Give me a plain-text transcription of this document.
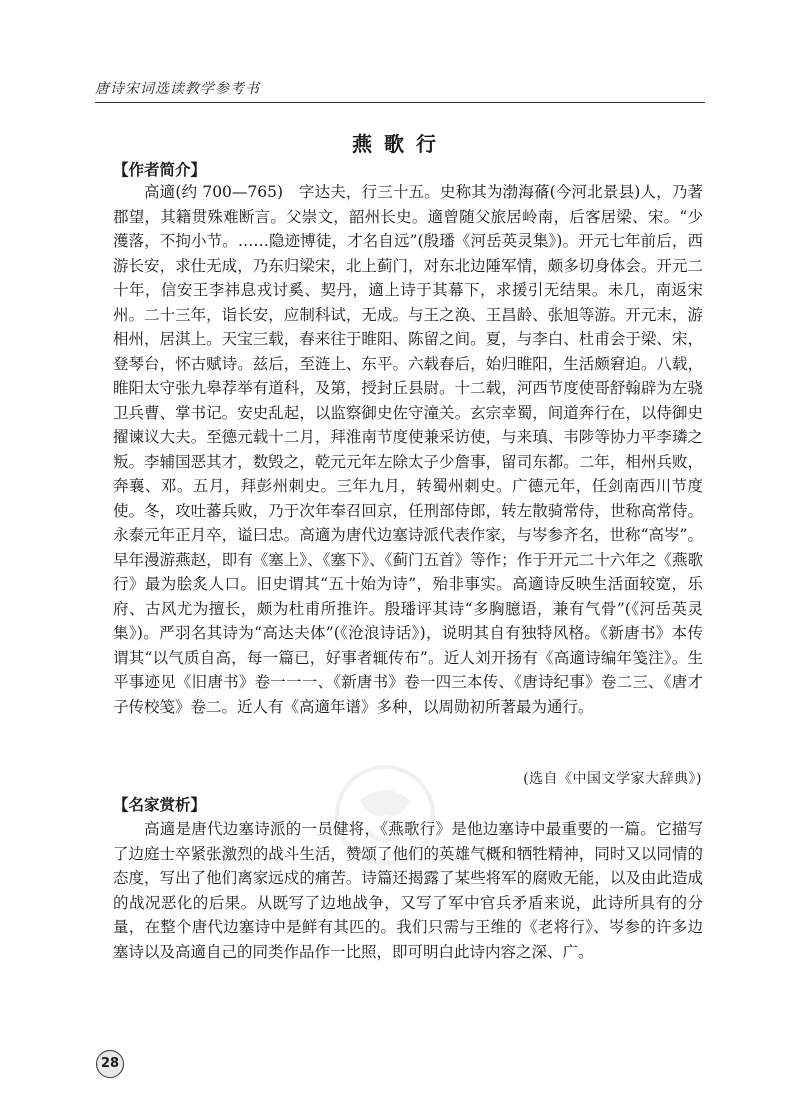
唐诗宋词选读教学参考书
燕歌行
【作者简介】

高適(约 700—765)　字达夫，行三十五。史称其为渤海蓨(今河北景县)人，乃著郡望，其籍贯殊难断言。父崇文，韶州长史。適曾随父旅居岭南，后客居梁、宋。“少濩落，不拘小节。……隐迹博徒，才名自远”(殷璠《河岳英灵集》)。开元七年前后，西游长安，求仕无成，乃东归梁宋，北上蓟门，对东北边陲军情，颇多切身体会。开元二十年，信安王李祎息戎讨奚、契丹，適上诗于其幕下，求援引无结果。未几，南返宋州。二十三年，诣长安，应制科试，无成。与王之涣、王昌龄、张旭等游。开元末，游相州，居淇上。天宝三载，春来往于睢阳、陈留之间。夏，与李白、杜甫会于梁、宋，登琴台，怀古赋诗。兹后，至涟上、东平。六载春后，始归睢阳，生活颇窘迫。八载，睢阳太守张九皋荐举有道科，及第，授封丘县尉。十二载，河西节度使哥舒翰辟为左骁卫兵曹、掌书记。安史乱起，以监察御史佐守潼关。玄宗幸蜀，间道奔行在，以侍御史擢谏议大夫。至德元载十二月，拜淮南节度使兼采访使，与来瑱、韦陟等协力平李璘之叛。李辅国恶其才，数毁之，乾元元年左除太子少詹事，留司东都。二年，相州兵败，奔襄、邓。五月，拜彭州刺史。三年九月，转蜀州刺史。广德元年，任剑南西川节度使。冬，攻吐蕃兵败，乃于次年奉召回京，任刑部侍郎，转左散骑常侍，世称高常侍。永泰元年正月卒，谥曰忠。高適为唐代边塞诗派代表作家，与岑参齐名，世称“高岑”。早年漫游燕赵，即有《塞上》、《塞下》、《蓟门五首》等作；作于开元二十六年之《燕歌行》最为脍炙人口。旧史谓其“五十始为诗”，殆非事实。高適诗反映生活面较宽，乐府、古风尤为擅长，颇为杜甫所推许。殷璠评其诗“多胸臆语，兼有气骨”(《河岳英灵集》)。严羽名其诗为“高达夫体”(《沧浪诗话》)，说明其自有独特风格。《新唐书》本传谓其“以气质自高，每一篇已，好事者辄传布”。近人刘开扬有《高適诗编年笺注》。生平事迹见《旧唐书》卷一一一、《新唐书》卷一四三本传、《唐诗纪事》卷二三、《唐才子传校笺》卷二。近人有《高適年谱》多种，以周勋初所著最为通行。

(选自《中国文学家大辞典》)
【名家赏析】

高適是唐代边塞诗派的一员健将，《燕歌行》是他边塞诗中最重要的一篇。它描写了边庭士卒紧张激烈的战斗生活，赞颂了他们的英雄气概和牺牲精神，同时又以同情的态度，写出了他们离家远戍的痛苦。诗篇还揭露了某些将军的腐败无能，以及由此造成的战况恶化的后果。从既写了边地战争，又写了军中官兵矛盾来说，此诗所具有的分量，在整个唐代边塞诗中是鲜有其匹的。我们只需与王维的《老将行》、岑参的许多边塞诗以及高適自己的同类作品作一比照，即可明白此诗内容之深、广。

28
